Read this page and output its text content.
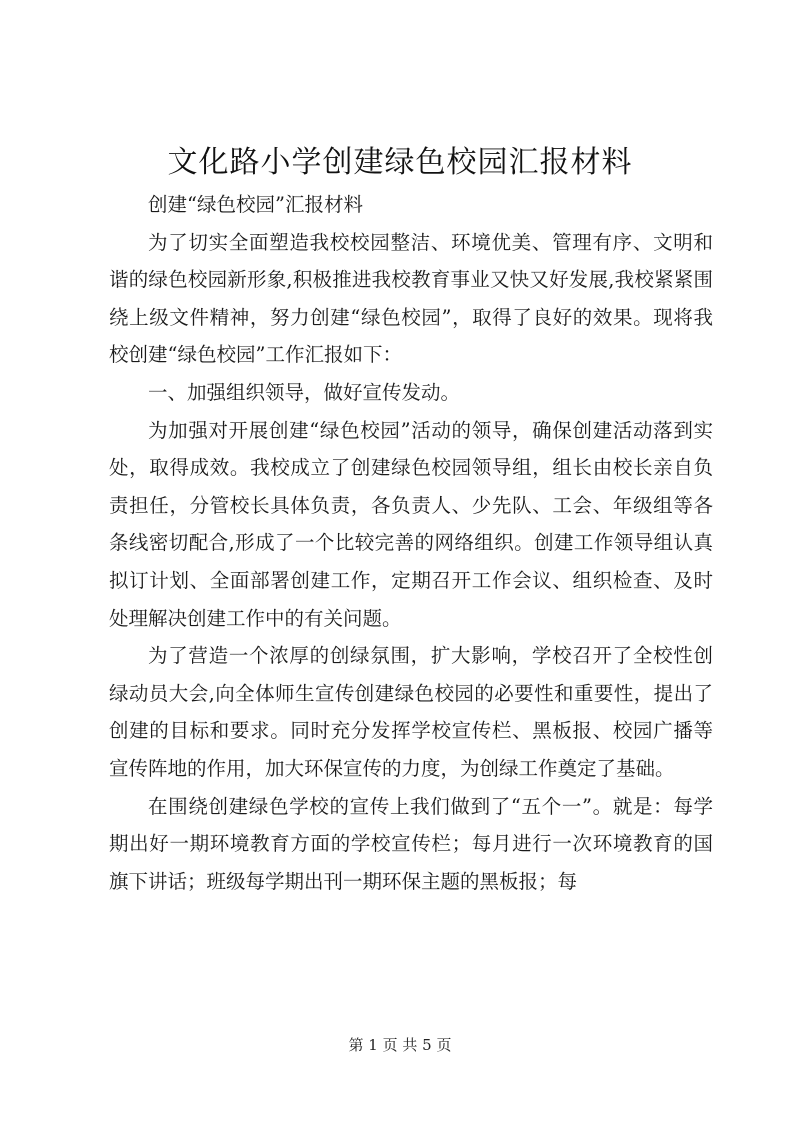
文化路小学创建绿色校园汇报材料

创建“绿色校园”汇报材料

为了切实全面塑造我校校园整洁、环境优美、管理有序、文明和谐的绿色校园新形象,积极推进我校教育事业又快又好发展,我校紧紧围绕上级文件精神，努力创建“绿色校园”，取得了良好的效果。现将我校创建“绿色校园”工作汇报如下：

一、加强组织领导，做好宣传发动。

为加强对开展创建“绿色校园”活动的领导，确保创建活动落到实处，取得成效。我校成立了创建绿色校园领导组，组长由校长亲自负责担任，分管校长具体负责，各负责人、少先队、工会、年级组等各条线密切配合,形成了一个比较完善的网络组织。创建工作领导组认真拟订计划、全面部署创建工作，定期召开工作会议、组织检查、及时处理解决创建工作中的有关问题。

为了营造一个浓厚的创绿氛围，扩大影响，学校召开了全校性创绿动员大会,向全体师生宣传创建绿色校园的必要性和重要性，提出了创建的目标和要求。同时充分发挥学校宣传栏、黑板报、校园广播等宣传阵地的作用，加大环保宣传的力度，为创绿工作奠定了基础。

在围绕创建绿色学校的宣传上我们做到了“五个一”。就是：每学期出好一期环境教育方面的学校宣传栏；每月进行一次环境教育的国旗下讲话；班级每学期出刊一期环保主题的黑板报；每

第 1 页 共 5 页
